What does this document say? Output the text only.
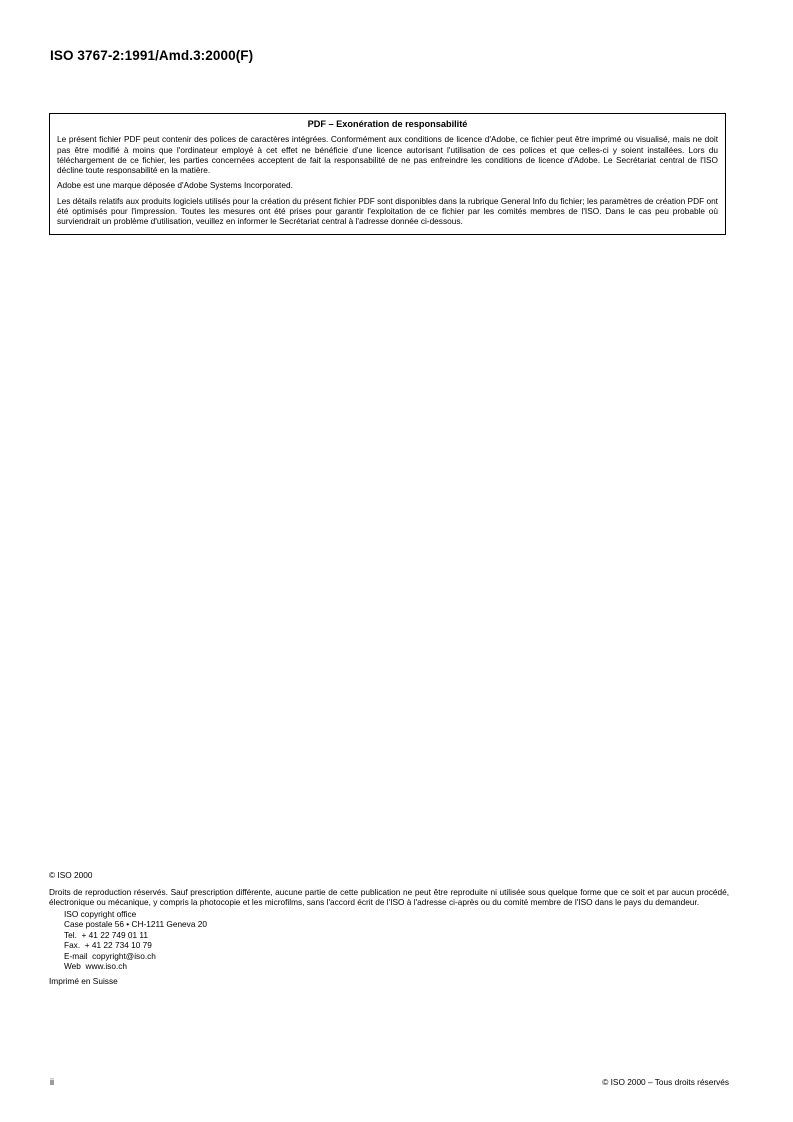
ISO 3767-2:1991/Amd.3:2000(F)
PDF – Exonération de responsabilité

Le présent fichier PDF peut contenir des polices de caractères intégrées. Conformément aux conditions de licence d'Adobe, ce fichier peut être imprimé ou visualisé, mais ne doit pas être modifié à moins que l'ordinateur employé à cet effet ne bénéficie d'une licence autorisant l'utilisation de ces polices et que celles-ci y soient installées. Lors du téléchargement de ce fichier, les parties concernées acceptent de fait la responsabilité de ne pas enfreindre les conditions de licence d'Adobe. Le Secrétariat central de l'ISO décline toute responsabilité en la matière.

Adobe est une marque déposée d'Adobe Systems Incorporated.

Les détails relatifs aux produits logiciels utilisés pour la création du présent fichier PDF sont disponibles dans la rubrique General Info du fichier; les paramètres de création PDF ont été optimisés pour l'impression. Toutes les mesures ont été prises pour garantir l'exploitation de ce fichier par les comités membres de l'ISO. Dans le cas peu probable où surviendrait un problème d'utilisation, veuillez en informer le Secrétariat central à l'adresse donnée ci-dessous.

© ISO 2000

Droits de reproduction réservés. Sauf prescription différente, aucune partie de cette publication ne peut être reproduite ni utilisée sous quelque forme que ce soit et par aucun procédé, électronique ou mécanique, y compris la photocopie et les microfilms, sans l'accord écrit de l'ISO à l'adresse ci-après ou du comité membre de l'ISO dans le pays du demandeur.

ISO copyright office
Case postale 56 • CH-1211 Geneva 20
Tel.  + 41 22 749 01 11
Fax.  + 41 22 734 10 79
E-mail  copyright@iso.ch
Web  www.iso.ch
Imprimé en Suisse
ii	© ISO 2000 – Tous droits réservés
